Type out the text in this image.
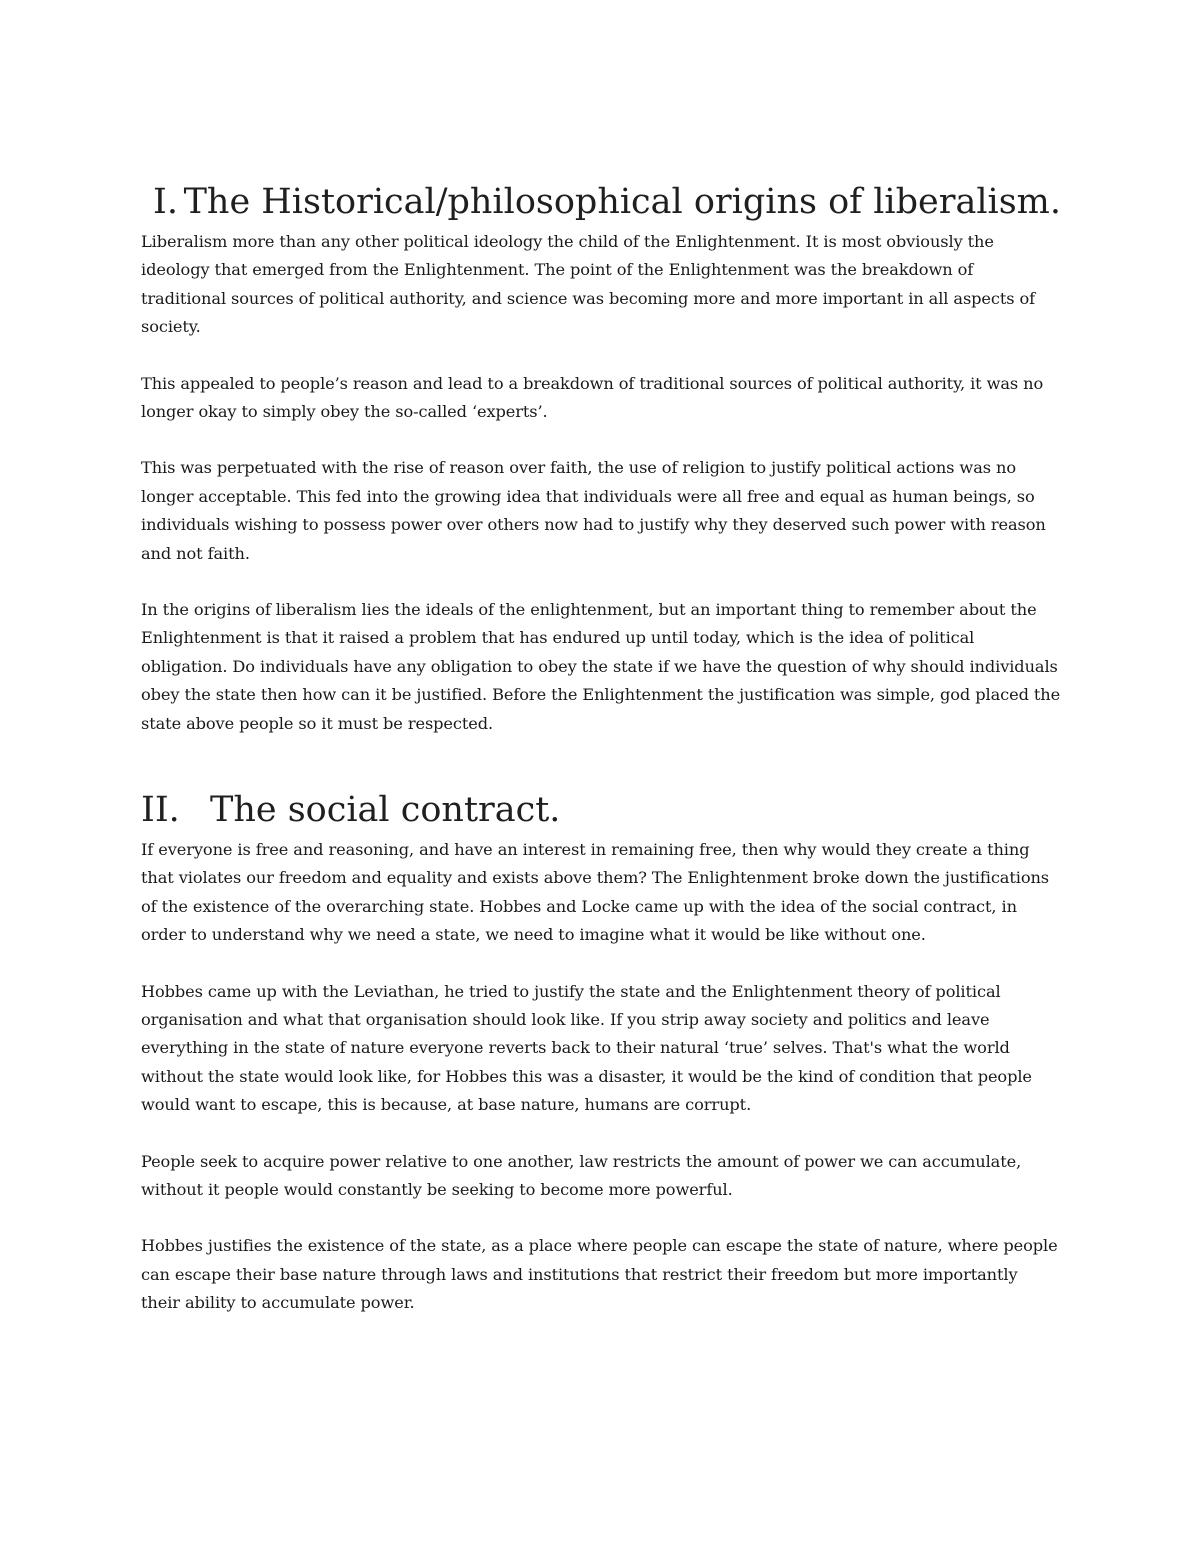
I. The Historical/philosophical origins of liberalism.

Liberalism more than any other political ideology the child of the Enlightenment. It is most obviously the ideology that emerged from the Enlightenment. The point of the Enlightenment was the breakdown of traditional sources of political authority, and science was becoming more and more important in all aspects of society.

This appealed to people’s reason and lead to a breakdown of traditional sources of political authority, it was no longer okay to simply obey the so-called ‘experts’.

This was perpetuated with the rise of reason over faith, the use of religion to justify political actions was no longer acceptable. This fed into the growing idea that individuals were all free and equal as human beings, so individuals wishing to possess power over others now had to justify why they deserved such power with reason and not faith.

In the origins of liberalism lies the ideals of the enlightenment, but an important thing to remember about the Enlightenment is that it raised a problem that has endured up until today, which is the idea of political obligation. Do individuals have any obligation to obey the state if we have the question of why should individuals obey the state then how can it be justified. Before the Enlightenment the justification was simple, god placed the state above people so it must be respected.

II. The social contract.

If everyone is free and reasoning, and have an interest in remaining free, then why would they create a thing that violates our freedom and equality and exists above them? The Enlightenment broke down the justifications of the existence of the overarching state. Hobbes and Locke came up with the idea of the social contract, in order to understand why we need a state, we need to imagine what it would be like without one.

Hobbes came up with the Leviathan, he tried to justify the state and the Enlightenment theory of political organisation and what that organisation should look like. If you strip away society and politics and leave everything in the state of nature everyone reverts back to their natural ‘true’ selves. That's what the world without the state would look like, for Hobbes this was a disaster, it would be the kind of condition that people would want to escape, this is because, at base nature, humans are corrupt.

People seek to acquire power relative to one another, law restricts the amount of power we can accumulate, without it people would constantly be seeking to become more powerful.

Hobbes justifies the existence of the state, as a place where people can escape the state of nature, where people can escape their base nature through laws and institutions that restrict their freedom but more importantly their ability to accumulate power.
